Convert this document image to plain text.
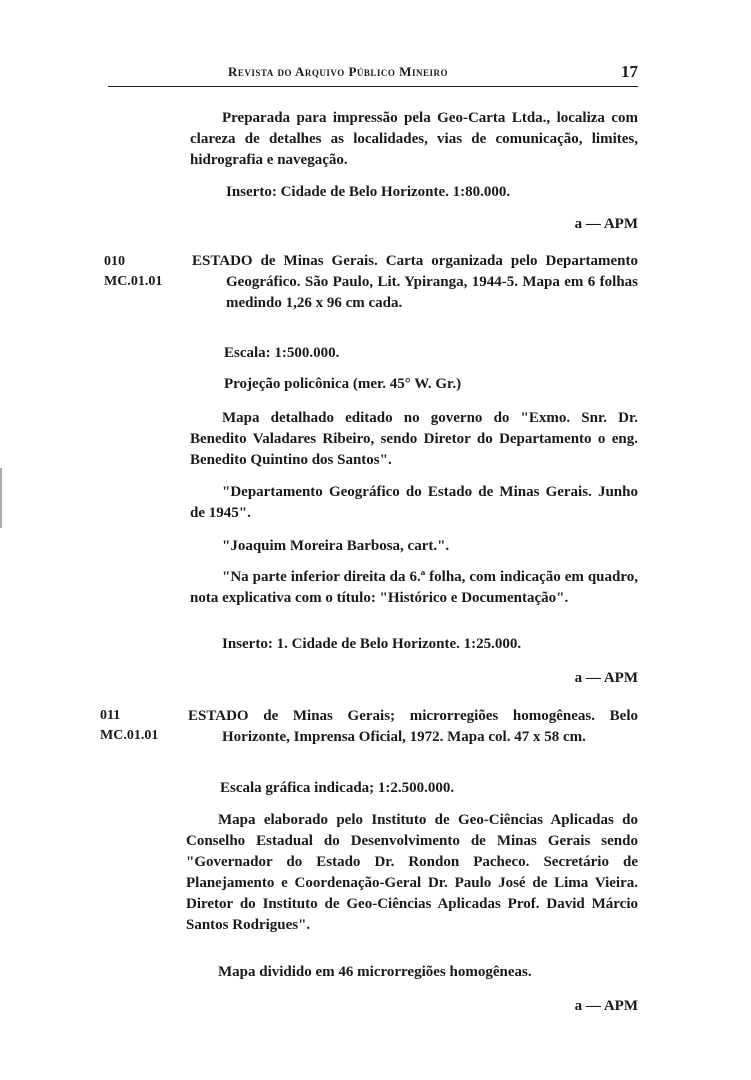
Revista do Arquivo Público Mineiro	17

Preparada para impressão pela Geo-Carta Ltda., localiza com clareza de detalhes as localidades, vias de comunicação, limites, hidrografia e navegação.

Inserto: Cidade de Belo Horizonte. 1:80.000.

a — APM

010
MC.01.01

ESTADO de Minas Gerais. Carta organizada pelo Departamento Geográfico. São Paulo, Lit. Ypiranga, 1944-5. Mapa em 6 folhas medindo 1,26 x 96 cm cada.

Escala: 1:500.000.

Projeção policônica (mer. 45° W. Gr.)

Mapa detalhado editado no governo do "Exmo. Snr. Dr. Benedito Valadares Ribeiro, sendo Diretor do Departamento o eng. Benedito Quintino dos Santos".

"Departamento Geográfico do Estado de Minas Gerais. Junho de 1945".

"Joaquim Moreira Barbosa, cart.".

"Na parte inferior direita da 6.ª folha, com indicação em quadro, nota explicativa com o título: "Histórico e Documentação".

Inserto: 1. Cidade de Belo Horizonte. 1:25.000.

a — APM

011
MC.01.01

ESTADO de Minas Gerais; microrregiões homogêneas. Belo Horizonte, Imprensa Oficial, 1972. Mapa col. 47 x 58 cm.

Escala gráfica indicada; 1:2.500.000.

Mapa elaborado pelo Instituto de Geo-Ciências Aplicadas do Conselho Estadual do Desenvolvimento de Minas Gerais sendo "Governador do Estado Dr. Rondon Pacheco. Secretário de Planejamento e Coordenação-Geral Dr. Paulo José de Lima Vieira. Diretor do Instituto de Geo-Ciências Aplicadas Prof. David Márcio Santos Rodrigues".

Mapa dividido em 46 microrregiões homogêneas.

a — APM
